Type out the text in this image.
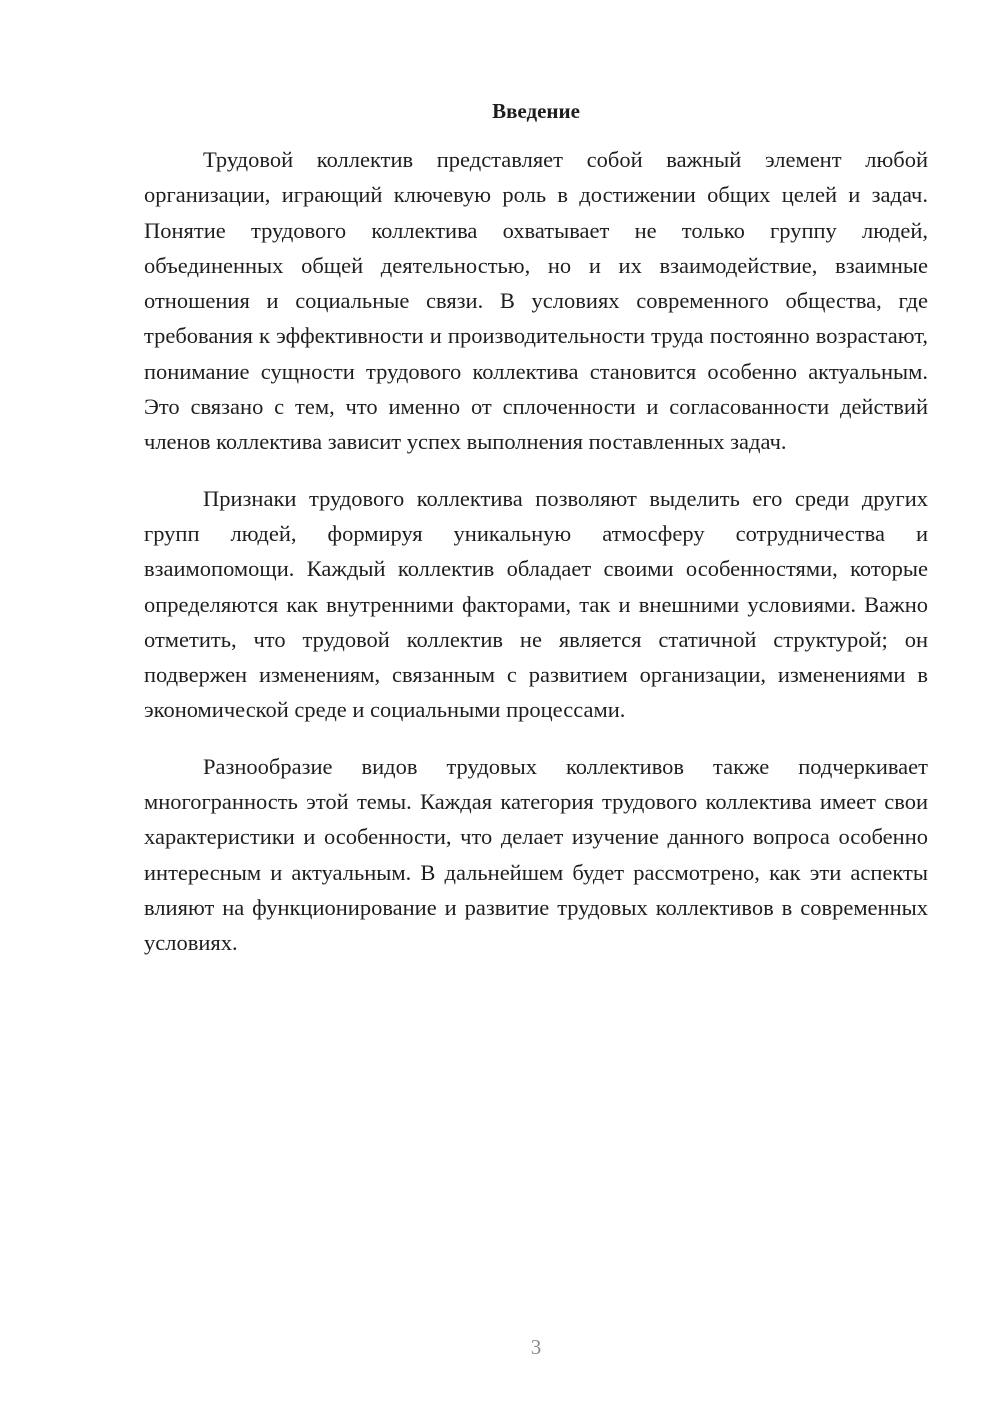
Введение

Трудовой коллектив представляет собой важный элемент любой организации, играющий ключевую роль в достижении общих целей и задач. Понятие трудового коллектива охватывает не только группу людей, объединенных общей деятельностью, но и их взаимодействие, взаимные отношения и социальные связи. В условиях современного общества, где требования к эффективности и производительности труда постоянно возрастают, понимание сущности трудового коллектива становится особенно актуальным. Это связано с тем, что именно от сплоченности и согласованности действий членов коллектива зависит успех выполнения поставленных задач.

Признаки трудового коллектива позволяют выделить его среди других групп людей, формируя уникальную атмосферу сотрудничества и взаимопомощи. Каждый коллектив обладает своими особенностями, которые определяются как внутренними факторами, так и внешними условиями. Важно отметить, что трудовой коллектив не является статичной структурой; он подвержен изменениям, связанным с развитием организации, изменениями в экономической среде и социальными процессами.

Разнообразие видов трудовых коллективов также подчеркивает многогранность этой темы. Каждая категория трудового коллектива имеет свои характеристики и особенности, что делает изучение данного вопроса особенно интересным и актуальным. В дальнейшем будет рассмотрено, как эти аспекты влияют на функционирование и развитие трудовых коллективов в современных условиях.

3
